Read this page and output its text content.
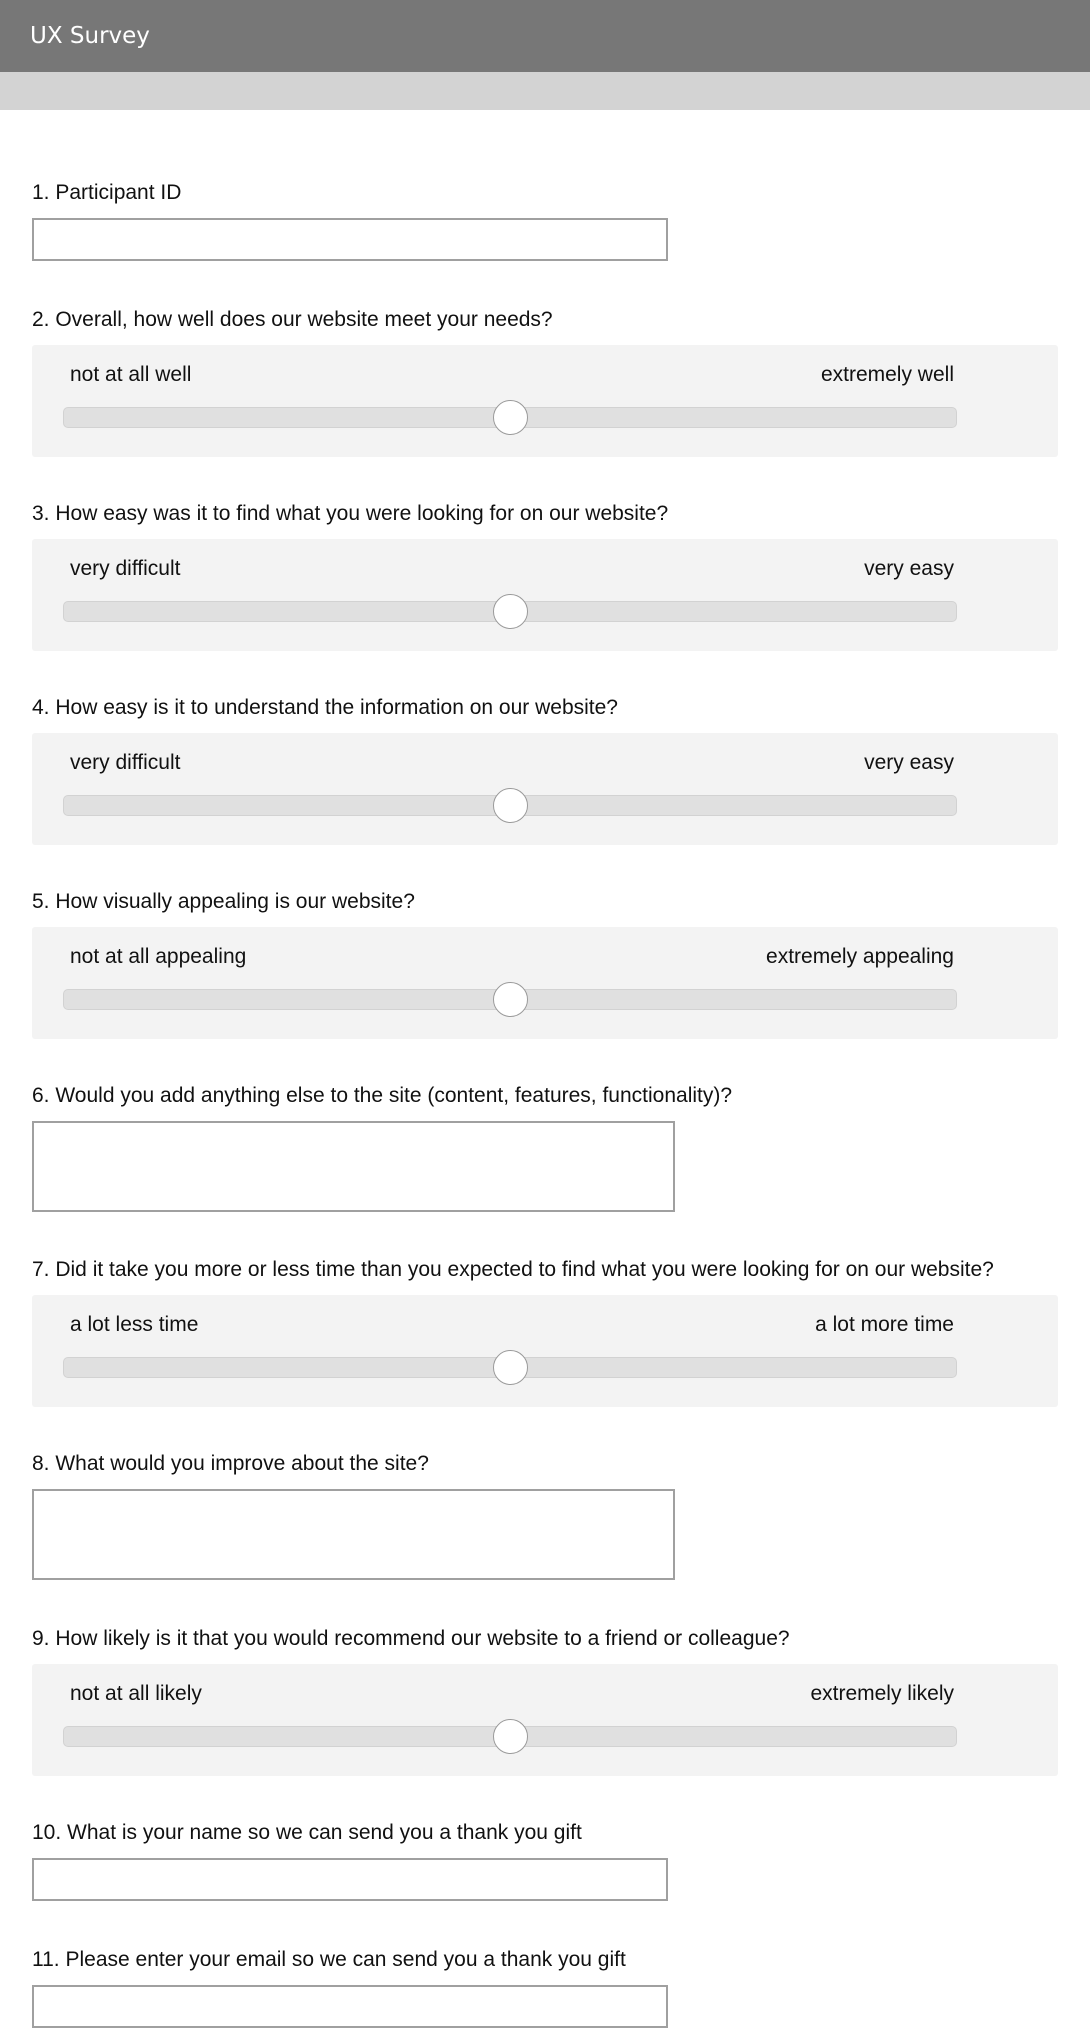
UX Survey

1. Participant ID

2. Overall, how well does our website meet your needs?

not at all well	extremely well

3. How easy was it to find what you were looking for on our website?

very difficult	very easy

4. How easy is it to understand the information on our website?

very difficult	very easy

5. How visually appealing is our website?

not at all appealing	extremely appealing

6. Would you add anything else to the site (content, features, functionality)?

7. Did it take you more or less time than you expected to find what you were looking for on our website?

a lot less time	a lot more time

8. What would you improve about the site?

9. How likely is it that you would recommend our website to a friend or colleague?

not at all likely	extremely likely

10. What is your name so we can send you a thank you gift

11. Please enter your email so we can send you a thank you gift
